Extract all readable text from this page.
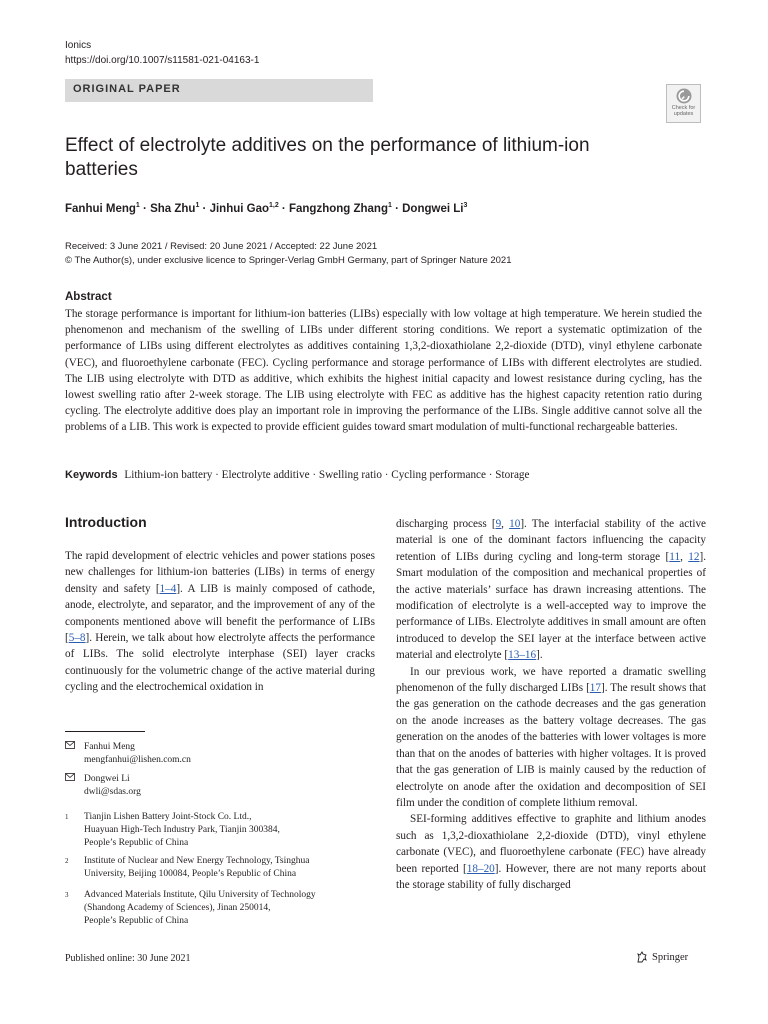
Ionics
https://doi.org/10.1007/s11581-021-04163-1
ORIGINAL PAPER
Check for updates
Effect of electrolyte additives on the performance of lithium-ion batteries
Fanhui Meng$^1$ · Sha Zhu$^1$ · Jinhui Gao$^{1,2}$ · Fangzhong Zhang$^1$ · Dongwei Li$^3$
Received: 3 June 2021 / Revised: 20 June 2021 / Accepted: 22 June 2021
© The Author(s), under exclusive licence to Springer-Verlag GmbH Germany, part of Springer Nature 2021
Abstract

The storage performance is important for lithium-ion batteries (LIBs) especially with low voltage at high temperature. We herein studied the phenomenon and mechanism of the swelling of LIBs under different storing conditions. We report a systematic optimization of the performance of LIBs using different electrolytes as additives containing 1,3,2-dioxathiolane 2,2-dioxide (DTD), vinyl ethylene carbonate (VEC), and fluoroethylene carbonate (FEC). Cycling performance and storage performance of LIBs with different electrolytes are studied. The LIB using electrolyte with DTD as additive, which exhibits the highest initial capacity and lowest resistance during cycling, has the lowest swelling ratio after 2-week storage. The LIB using electrolyte with FEC as additive has the highest capacity retention ratio during cycling. The electrolyte additive does play an important role in improving the performance of the LIBs. Single additive cannot solve all the problems of a LIB. This work is expected to provide efficient guides toward smart modulation of multi-functional rechargeable batteries.

Keywords Lithium-ion battery · Electrolyte additive · Swelling ratio · Cycling performance · Storage
Introduction

The rapid development of electric vehicles and power stations poses new challenges for lithium-ion batteries (LIBs) in terms of energy density and safety [1–4]. A LIB is mainly composed of cathode, anode, electrolyte, and separator, and the improvement of any of the components mentioned above will benefit the performance of LIBs [5–8]. Herein, we talk about how electrolyte affects the performance of LIBs. The solid electrolyte interphase (SEI) layer cracks continuously for the volumetric change of the active material during cycling and the electrochemical oxidation in

discharging process [9, 10]. The interfacial stability of the active material is one of the dominant factors influencing the capacity retention of LIBs during cycling and long-term storage [11, 12]. Smart modulation of the composition and mechanical properties of the active materials’ surface has drawn increasing attentions. The modification of electrolyte is a well-accepted way to improve the performance of LIBs. Electrolyte additives in small amount are often introduced to develop the SEI layer at the interface between active material and electrolyte [13–16].

In our previous work, we have reported a dramatic swelling phenomenon of the fully discharged LIBs [17]. The result shows that the gas generation on the cathode decreases and the gas generation on the anode increases as the battery voltage decreases. The gas generation on the anodes of the batteries with lower voltages is more than that on the anodes of batteries with higher voltages. It is proved that the gas generation of LIB is mainly caused by the reduction of electrolyte on anode after the oxidation and decomposition of SEI film under the condition of complete lithium removal.

SEI-forming additives effective to graphite and lithium anodes such as 1,3,2-dioxathiolane 2,2-dioxide (DTD), vinyl ethylene carbonate (VEC), and fluoroethylene carbonate (FEC) have already been reported [18–20]. However, there are not many reports about the storage stability of fully discharged

Fanhui Meng
mengfanhui@lishen.com.cn
Dongwei Li
dwli@sdas.org
1	Tianjin Lishen Battery Joint-Stock Co. Ltd.,
Huayuan High-Tech Industry Park, Tianjin 300384,
People’s Republic of China
2	Institute of Nuclear and New Energy Technology, Tsinghua
University, Beijing 100084, People’s Republic of China
3	Advanced Materials Institute, Qilu University of Technology
(Shandong Academy of Sciences), Jinan 250014,
People’s Republic of China
Published online: 30 June 2021	Springer
